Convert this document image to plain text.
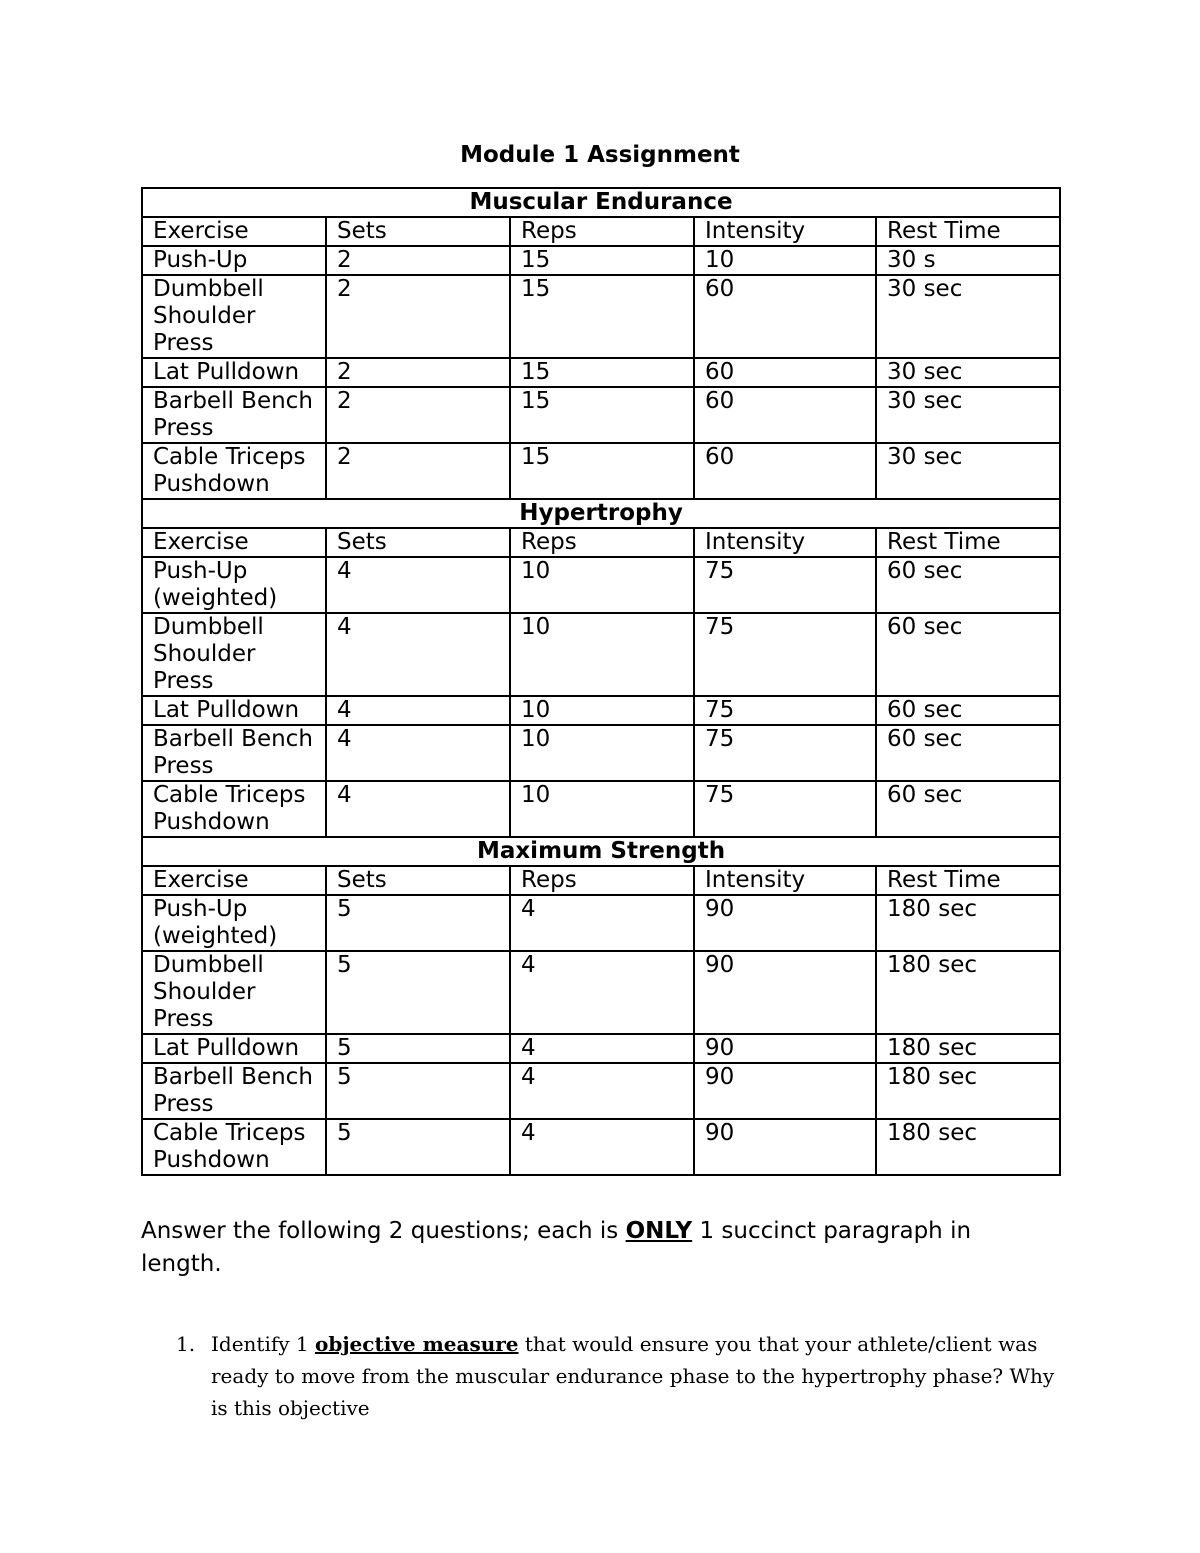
Module 1 Assignment
Muscular Endurance				
Exercise	Sets	Reps	Intensity	Rest Time
Push-Up	2	15	10	30 s
Dumbbell Shoulder Press	2	15	60	30 sec
Lat Pulldown	2	15	60	30 sec
Barbell Bench Press	2	15	60	30 sec
Cable Triceps Pushdown	2	15	60	30 sec
Hypertrophy				
Exercise	Sets	Reps	Intensity	Rest Time
Push-Up (weighted)	4	10	75	60 sec
Dumbbell Shoulder Press	4	10	75	60 sec
Lat Pulldown	4	10	75	60 sec
Barbell Bench Press	4	10	75	60 sec
Cable Triceps Pushdown	4	10	75	60 sec
Maximum Strength				
Exercise	Sets	Reps	Intensity	Rest Time
Push-Up (weighted)	5	4	90	180 sec
Dumbbell Shoulder Press	5	4	90	180 sec
Lat Pulldown	5	4	90	180 sec
Barbell Bench Press	5	4	90	180 sec
Cable Triceps Pushdown	5	4	90	180 sec
Answer the following 2 questions; each is ONLY 1 succinct paragraph in length.
1. Identify 1 objective measure that would ensure you that your athlete/client was ready to move from the muscular endurance phase to the hypertrophy phase? Why is this objective
